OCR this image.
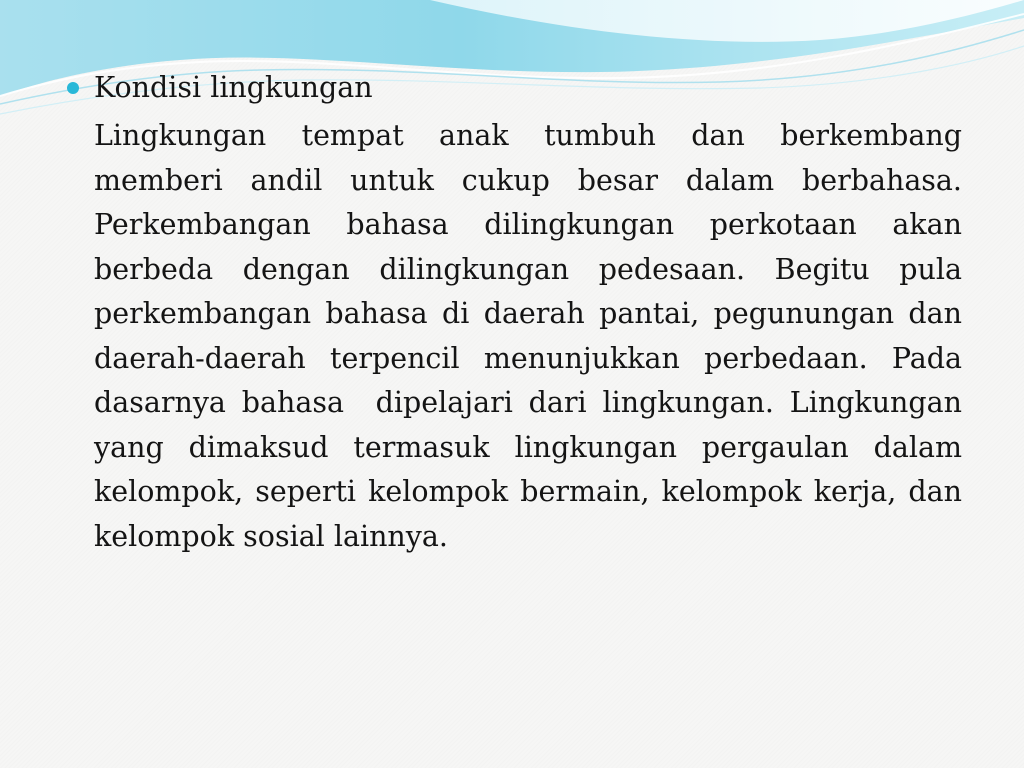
Kondisi lingkungan

Lingkungan tempat anak tumbuh dan berkembang memberi andil untuk cukup besar dalam berbahasa. Perkembangan bahasa dilingkungan perkotaan akan berbeda dengan dilingkungan pedesaan. Begitu pula perkembangan bahasa di daerah pantai, pegunungan dan daerah-daerah terpencil menunjukkan perbedaan. Pada dasarnya bahasa  dipelajari dari lingkungan. Lingkungan yang dimaksud termasuk lingkungan pergaulan dalam kelompok, seperti kelompok bermain, kelompok kerja, dan kelompok sosial lainnya.
